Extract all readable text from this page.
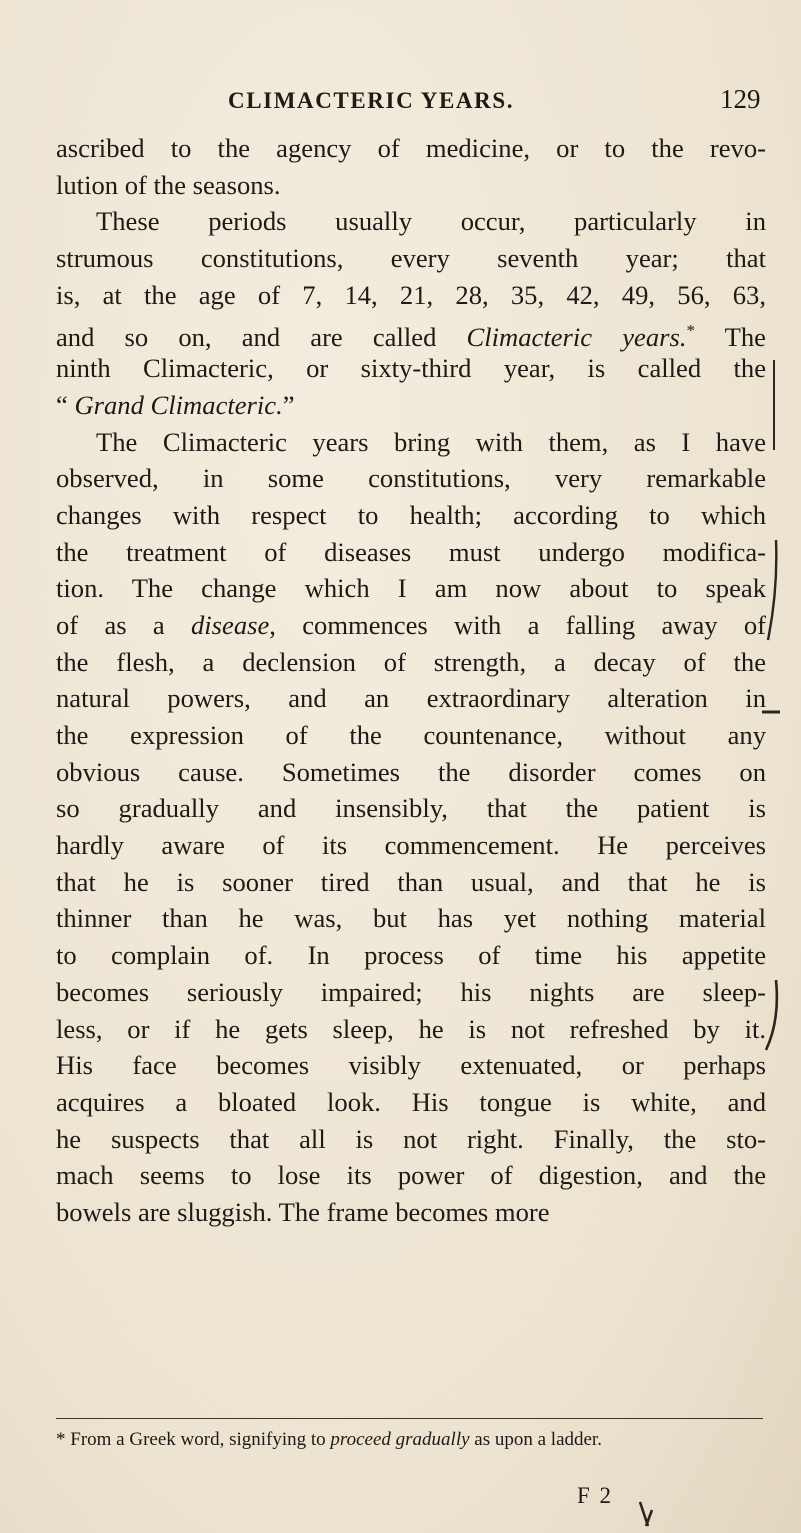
CLIMACTERIC YEARS.	129
ascribed to the agency of medicine, or to the revo-
lution of the seasons.
These periods usually occur, particularly in
strumous constitutions, every seventh year; that
is, at the age of 7, 14, 21, 28, 35, 42, 49, 56, 63,
and so on, and are called Climacteric years.* The
ninth Climacteric, or sixty-third year, is called the
“ Grand Climacteric.”
The Climacteric years bring with them, as I have
observed, in some constitutions, very remarkable
changes with respect to health; according to which
the treatment of diseases must undergo modifica-
tion. The change which I am now about to speak
of as a disease, commences with a falling away of
the flesh, a declension of strength, a decay of the
natural powers, and an extraordinary alteration in
the expression of the countenance, without any
obvious cause. Sometimes the disorder comes on
so gradually and insensibly, that the patient is
hardly aware of its commencement. He perceives
that he is sooner tired than usual, and that he is
thinner than he was, but has yet nothing material
to complain of. In process of time his appetite
becomes seriously impaired; his nights are sleep-
less, or if he gets sleep, he is not refreshed by it.
His face becomes visibly extenuated, or perhaps
acquires a bloated look. His tongue is white, and
he suspects that all is not right. Finally, the sto-
mach seems to lose its power of digestion, and the
bowels are sluggish. The frame becomes more
* From a Greek word, signifying to proceed gradually as upon a ladder.
F 2
